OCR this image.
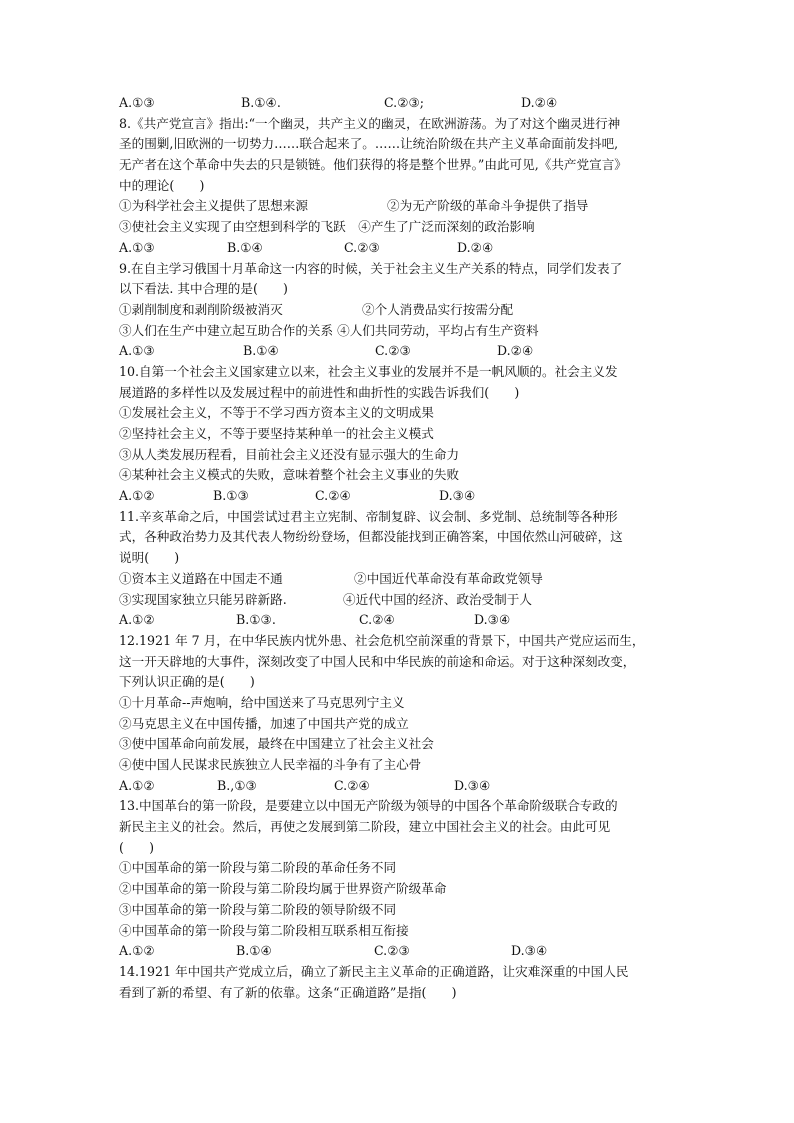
A.①③	B.①④.	C.②③;	D.②④
8.《共产党宣言》指出:“一个幽灵，共产主义的幽灵，在欧洲游荡。为了对这个幽灵进行神
圣的围剿,旧欧洲的一切势力……联合起来了。……让统治阶级在共产主义革命面前发抖吧,
无产者在这个革命中失去的只是锁链。他们获得的将是整个世界。”由此可见,《共产党宣言》
中的理论(　　)
①为科学社会主义提供了思想来源	②为无产阶级的革命斗争提供了指导
③使社会主义实现了由空想到科学的飞跃　④产生了广泛而深刻的政治影响
A.①③	B.①④	C.②③	D.②④
9.在自主学习俄国十月革命这一内容的时候，关于社会主义生产关系的特点，同学们发表了
以下看法. 其中合理的是(　　)
①剥削制度和剥削阶级被消灭	②个人消费品实行按需分配
③人们在生产中建立起互助合作的关系 ④人们共同劳动，平均占有生产资料
A.①③	B.①④	C.②③	D.②④
10.自第一个社会主义国家建立以来，社会主义事业的发展并不是一帆风顺的。社会主义发
展道路的多样性以及发展过程中的前进性和曲折性的实践告诉我们(　　)
①发展社会主义，不等于不学习西方资本主义的文明成果
②坚持社会主义，不等于要坚持某种单一的社会主义模式
③从人类发展历程看，目前社会主义还没有显示强大的生命力
④某种社会主义模式的失败，意味着整个社会主义事业的失败
A.①②	B.①③	C.②④	D.③④
11.辛亥革命之后，中国尝试过君主立宪制、帝制复辟、议会制、多党制、总统制等各种形
式，各种政治势力及其代表人物纷纷登场，但都没能找到正确答案，中国依然山河破碎，这
说明(　　)
①资本主义道路在中国走不通	②中国近代革命没有革命政党领导
③实现国家独立只能另辟新路.	④近代中国的经济、政治受制于人
A.①②	B.①③.	C.②④	D.③④
12.1921 年 7 月，在中华民族内忧外患、社会危机空前深重的背景下，中国共产党应运而生，
这一开天辟地的大事件，深刻改变了中国人民和中华民族的前途和命运。对于这种深刻改变，
下列认识正确的是(　　)
①十月革命--声炮响，给中国送来了马克思列宁主义
②马克思主义在中国传播，加速了中国共产党的成立
③使中国革命向前发展，最终在中国建立了社会主义社会
④使中国人民谋求民族独立人民幸福的斗争有了主心骨
A.①②	B.,①③	C.②④	D.③④
13.中国革台的第一阶段，是要建立以中国无产阶级为领导的中国各个革命阶级联合专政的
新民主主义的社会。然后，再使之发展到第二阶段，建立中国社会主义的社会。由此可见
(　　)
①中国革命的第一阶段与第二阶段的革命任务不同
②中国革命的第一阶段与第二阶段均属于世界资产阶级革命
③中国革命的第一阶段与第二阶段的领导阶级不同
④中国革命的第一阶段与第二阶段相互联系相互衔接
A.①②	B.①④	C.②③	D.③④
14.1921 年中国共产党成立后，确立了新民主主义革命的正确道路，让灾难深重的中国人民
看到了新的希望、有了新的依靠。这条“正确道路”是指(　　)
